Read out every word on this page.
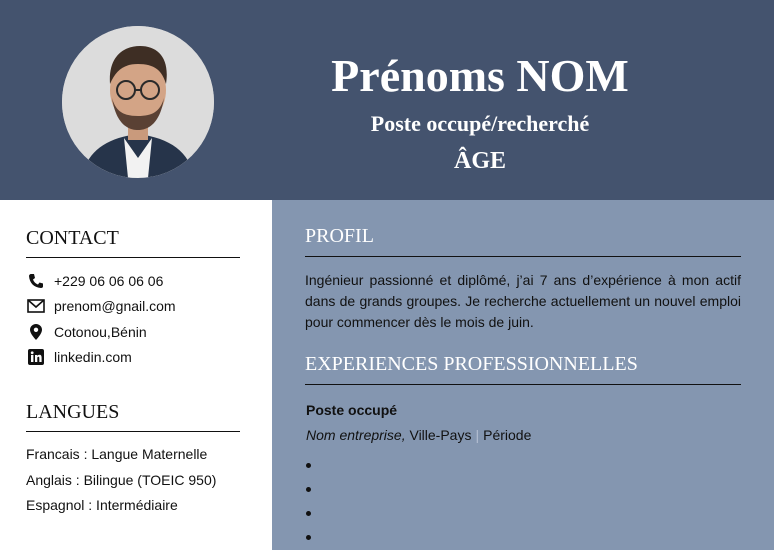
Prénoms NOM
Poste occupé/recherché
ÂGE
CONTACT
+229 06 06 06 06
prenom@gnail.com
Cotonou,Bénin
linkedin.com
LANGUES
Francais : Langue Maternelle
Anglais : Bilingue (TOEIC 950)
Espagnol : Intermédiaire
PROFIL
Ingénieur passionné et diplômé, j’ai 7 ans d’expérience à mon actif dans de grands groupes. Je recherche actuellement un nouvel emploi pour commencer dès le mois de juin.
EXPERIENCES PROFESSIONNELLES
Poste occupé
Nom entreprise, Ville-Pays | Période
